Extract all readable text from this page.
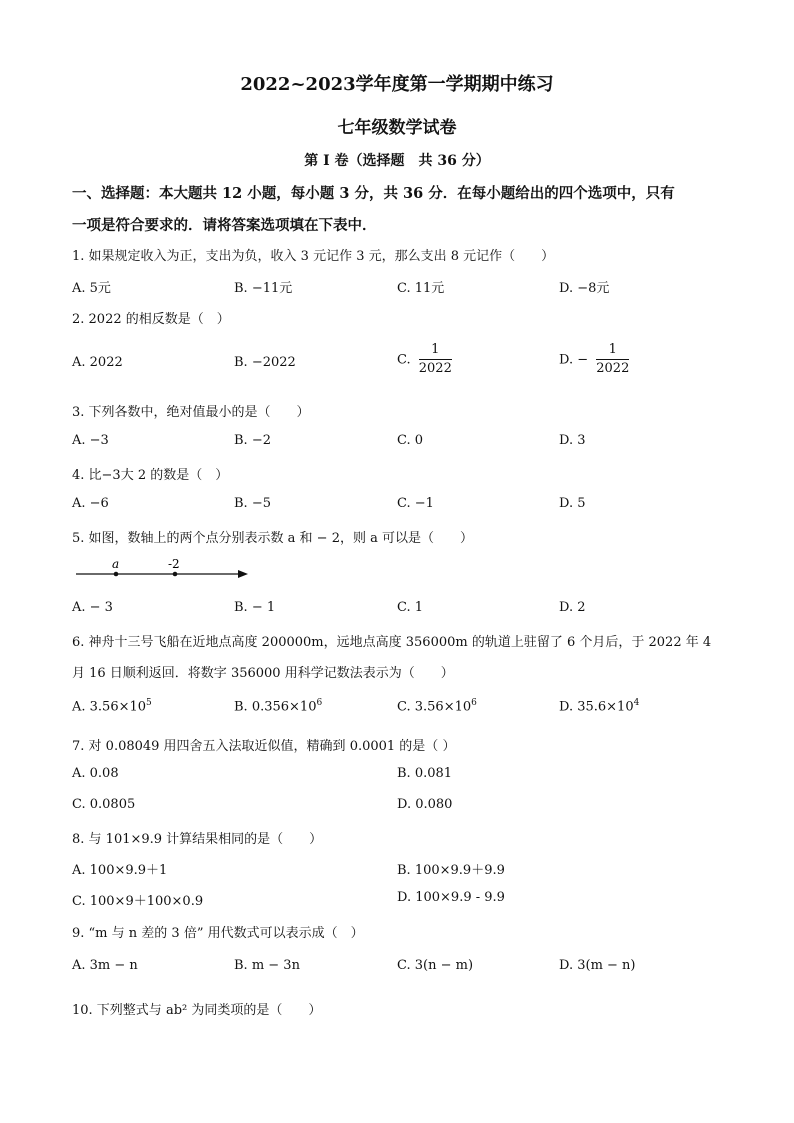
2022~2023学年度第一学期期中练习
七年级数学试卷
第 I 卷（选择题　共 36 分）
一、选择题：本大题共 12 小题，每小题 3 分，共 36 分．在每小题给出的四个选项中，只有
一项是符合要求的．请将答案选项填在下表中．
1. 如果规定收入为正，支出为负，收入 3 元记作 3 元，那么支出 8 元记作（　　）
A. 5元	B. −11元	C. 11元	D. −8元
2. 2022 的相反数是（　）
A. 2022	B. −2022	C. $\frac{1}{2022}$	D. − $\frac{1}{2022}$
3. 下列各数中，绝对值最小的是（　　）
A. −3	B. −2	C. 0	D. 3
4. 比−3大 2 的数是（　）
A. −6	B. −5	C. −1	D. 5
5. 如图，数轴上的两个点分别表示数 a 和 − 2，则 a 可以是（　　）
a	-2
A. − 3	B. − 1	C. 1	D. 2
6. 神舟十三号飞船在近地点高度 200000m，远地点高度 356000m 的轨道上驻留了 6 个月后，于 2022 年 4
月 16 日顺利返回．将数字 356000 用科学记数法表示为（　　）
A. $3.56\times 10^5$	B. $0.356\times 10^6$	C. $3.56\times 10^6$	D. $35.6\times 10^4$
7. 对 0.08049 用四舍五入法取近似值，精确到 0.0001 的是（ ）
A. 0.08	B. 0.081
C. 0.0805	D. 0.080
8. 与 101×9.9 计算结果相同的是（　　）
A. 100×9.9＋1	B. 100×9.9＋9.9
C. 100×9＋100×0.9	D. 100×9.9 - 9.9
9. “m 与 n 差的 3 倍” 用代数式可以表示成（　）
A. 3m − n	B. m − 3n	C. 3(n − m)	D. 3(m − n)
10. 下列整式与 ab² 为同类项的是（　　）
